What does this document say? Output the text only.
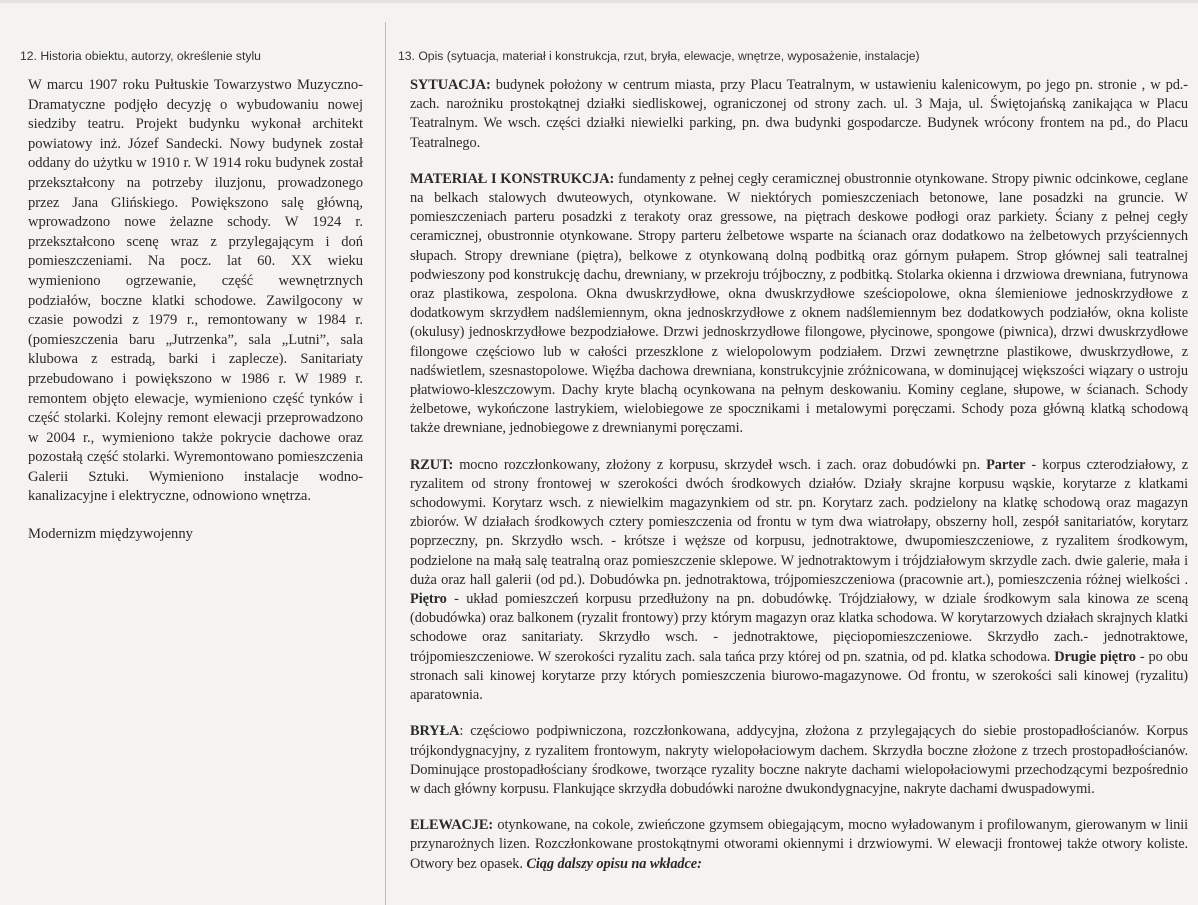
12. Historia obiektu, autorzy, określenie stylu
W marcu 1907 roku Pułtuskie Towarzystwo Muzyczno-Dramatyczne podjęło decyzję o wybudowaniu nowej siedziby teatru. Projekt budynku wykonał architekt powiatowy inż. Józef Sandecki. Nowy budynek został oddany do użytku w 1910 r. W 1914 roku budynek został przekształcony na potrzeby iluzjonu, prowadzonego przez Jana Glińskiego. Powiększono salę główną, wprowadzono nowe żelazne schody. W 1924 r. przekształcono scenę wraz z przylegającym i doń pomieszczeniami. Na pocz. lat 60. XX wieku wymieniono ogrzewanie, część wewnętrznych podziałów, boczne klatki schodowe. Zawilgocony w czasie powodzi z 1979 r., remontowany w 1984 r. (pomieszczenia baru „Jutrzenka”, sala „Lutni”, sala klubowa z estradą, barki i zaplecze). Sanitariaty przebudowano i powiększono w 1986 r. W 1989 r. remontem objęto elewacje, wymieniono część tynków i część stolarki. Kolejny remont elewacji przeprowadzono w 2004 r., wymieniono także pokrycie dachowe oraz pozostałą część stolarki. Wyremontowano pomieszczenia Galerii Sztuki. Wymieniono instalacje wodno-kanalizacyjne i elektryczne, odnowiono wnętrza.
Modernizm międzywojenny
13. Opis (sytuacja, materiał i konstrukcja, rzut, bryła, elewacje, wnętrze, wyposażenie, instalacje)

SYTUACJA: budynek położony w centrum miasta, przy Placu Teatralnym, w ustawieniu kalenicowym, po jego pn. stronie , w pd.-zach. narożniku prostokątnej działki siedliskowej, ograniczonej od strony zach. ul. 3 Maja, ul. Świętojańską zanikająca w Placu Teatralnym. We wsch. części działki niewielki parking, pn. dwa budynki gospodarcze. Budynek wrócony frontem na pd., do Placu Teatralnego.

MATERIAŁ I KONSTRUKCJA: fundamenty z pełnej cegły ceramicznej obustronnie otynkowane. Stropy piwnic odcinkowe, ceglane na belkach stalowych dwuteowych, otynkowane. W niektórych pomieszczeniach betonowe, lane posadzki na gruncie. W pomieszczeniach parteru posadzki z terakoty oraz gressowe, na piętrach deskowe podłogi oraz parkiety. Ściany z pełnej cegły ceramicznej, obustronnie otynkowane. Stropy parteru żelbetowe wsparte na ścianach oraz dodatkowo na żelbetowych przyściennych słupach. Stropy drewniane (piętra), belkowe z otynkowaną dolną podbitką oraz górnym pułapem. Strop głównej sali teatralnej podwieszony pod konstrukcję dachu, drewniany, w przekroju trójboczny, z podbitką. Stolarka okienna i drzwiowa drewniana, futrynowa oraz plastikowa, zespolona. Okna dwuskrzydłowe, okna dwuskrzydłowe sześciopolowe, okna ślemieniowe jednoskrzydłowe z dodatkowym skrzydłem nadślemiennym, okna jednoskrzydłowe z oknem nadślemiennym bez dodatkowych podziałów, okna koliste (okulusy) jednoskrzydłowe bezpodziałowe. Drzwi jednoskrzydłowe filongowe, płycinowe, spongowe (piwnica), drzwi dwuskrzydłowe filongowe częściowo lub w całości przeszklone z wielopolowym podziałem. Drzwi zewnętrzne plastikowe, dwuskrzydłowe, z nadświetlem, szesnastopolowe. Więźba dachowa drewniana, konstrukcyjnie zróżnicowana, w dominującej większości wiązary o ustroju płatwiowo-kleszczowym. Dachy kryte blachą ocynkowana na pełnym deskowaniu. Kominy ceglane, słupowe, w ścianach. Schody żelbetowe, wykończone lastrykiem, wielobiegowe ze spocznikami i metalowymi poręczami. Schody poza główną klatką schodową także drewniane, jednobiegowe z drewnianymi poręczami.

RZUT: mocno rozczłonkowany, złożony z korpusu, skrzydeł wsch. i zach. oraz dobudówki pn. Parter - korpus czterodziałowy, z ryzalitem od strony frontowej w szerokości dwóch środkowych działów. Działy skrajne korpusu wąskie, korytarze z klatkami schodowymi. Korytarz wsch. z niewielkim magazynkiem od str. pn. Korytarz zach. podzielony na klatkę schodową oraz magazyn zbiorów. W działach środkowych cztery pomieszczenia od frontu w tym dwa wiatrołapy, obszerny holl, zespół sanitariatów, korytarz poprzeczny, pn. Skrzydło wsch. - krótsze i węższe od korpusu, jednotraktowe, dwupomieszczeniowe, z ryzalitem środkowym, podzielone na małą salę teatralną oraz pomieszczenie sklepowe. W jednotraktowym i trójdziałowym skrzydle zach. dwie galerie, mała i duża oraz hall galerii (od pd.). Dobudówka pn. jednotraktowa, trójpomieszczeniowa (pracownie art.), pomieszczenia różnej wielkości . Piętro - układ pomieszczeń korpusu przedłużony na pn. dobudówkę. Trójdziałowy, w dziale środkowym sala kinowa ze sceną (dobudówka) oraz balkonem (ryzalit frontowy) przy którym magazyn oraz klatka schodowa. W korytarzowych działach skrajnych klatki schodowe oraz sanitariaty. Skrzydło wsch. - jednotraktowe, pięciopomieszczeniowe. Skrzydło zach.- jednotraktowe, trójpomieszczeniowe. W szerokości ryzalitu zach. sala tańca przy której od pn. szatnia, od pd. klatka schodowa. Drugie piętro - po obu stronach sali kinowej korytarze przy których pomieszczenia biurowo-magazynowe. Od frontu, w szerokości sali kinowej (ryzalitu) aparatownia.

BRYŁA: częściowo podpiwniczona, rozczłonkowana, addycyjna, złożona z przylegających do siebie prostopadłościanów. Korpus trójkondygnacyjny, z ryzalitem frontowym, nakryty wielopołaciowym dachem. Skrzydła boczne złożone z trzech prostopadłościanów. Dominujące prostopadłościany środkowe, tworzące ryzality boczne nakryte dachami wielopołaciowymi przechodzącymi bezpośrednio w dach główny korpusu. Flankujące skrzydła dobudówki narożne dwukondygnacyjne, nakryte dachami dwuspadowymi.

ELEWACJE: otynkowane, na cokole, zwieńczone gzymsem obiegającym, mocno wyładowanym i profilowanym, gierowanym w linii przynarożnych lizen. Rozczłonkowane prostokątnymi otworami okiennymi i drzwiowymi. W elewacji frontowej także otwory koliste. Otwory bez opasek. Ciąg dalszy opisu na wkładce:
